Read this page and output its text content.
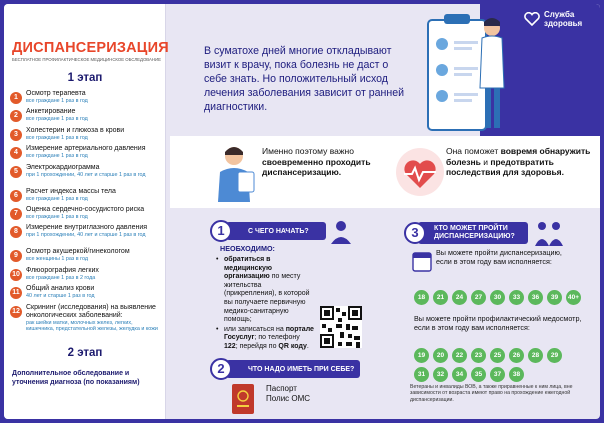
ДИСПАНСЕРИЗАЦИЯ
БЕСПЛАТНОЕ ПРОФИЛАКТИЧЕСКОЕ МЕДИЦИНСКОЕ ОБСЛЕДОВАНИЕ
1 этап
1
Осмотр терапевта
все граждане 1 раз в год
2
Анкетирование
все граждане 1 раз в год
3
Холестерин и глюкоза в крови
все граждане 1 раз в год
4
Измерение артериального давления
все граждане 1 раз в год
5
Электрокардиограмма
при 1 прохождении, 40 лет и старше 1 раз в год
6
Расчет индекса массы тела
все граждане 1 раз в год
7
Оценка сердечно-сосудистого риска
все граждане 1 раз в год
8
Измерение внутриглазного давления
при 1 прохождении, 40 лет и старше 1 раз в год
9
Осмотр акушеркой/гинекологом
все женщины 1 раз в год
10
Флюорография легких
все граждане 1 раз в 2 года
11
Общий анализ крови
40 лет и старше 1 раз в год
12
Скрининг (исследования) на выявление онкологических заболеваний:
рак шейки матки, молочных желез, легких, кишечника, предстательной железы, желудка и кожи
2 этап
Дополнительное обследование и уточнения диагноза (по показаниям)
Служба
здоровья
В суматохе дней многие откладывают визит к врачу, пока болезнь не даст о себе знать. Но положительный исход лечения заболевания зависит от ранней диагностики.
Именно поэтому важно своевременно проходить диспансеризацию.
Она поможет вовремя обнаружить болезнь и предотвратить последствия для здоровья.
С ЧЕГО НАЧАТЬ?
1
НЕОБХОДИМО:
• обратиться в медицинскую организацию по месту жительства (прикрепления), в которой вы получаете первичную медико-санитарную помощь;
• или записаться на портале Госуслуг; по телефону 122; перейдя по QR коду.
ЧТО НАДО ИМЕТЬ ПРИ СЕБЕ?
2
Паспорт
Полис ОМС
КТО МОЖЕТ ПРОЙТИ ДИСПАНСЕРИЗАЦИЮ?
3
Вы можете пройти диспансеризацию, если в этом году вам исполняется:
18	21	24	27	30	33	36	39	40+
Вы можете пройти профилактический медосмотр, если в этом году вам исполняется:
19	20	22	23	25	26	28	29
31	32	34	35	37	38
Ветераны и инвалиды ВОВ, а также приравненные к ним лица, вне зависимости от возраста имеют право на прохождение ежегодной диспансеризации.
